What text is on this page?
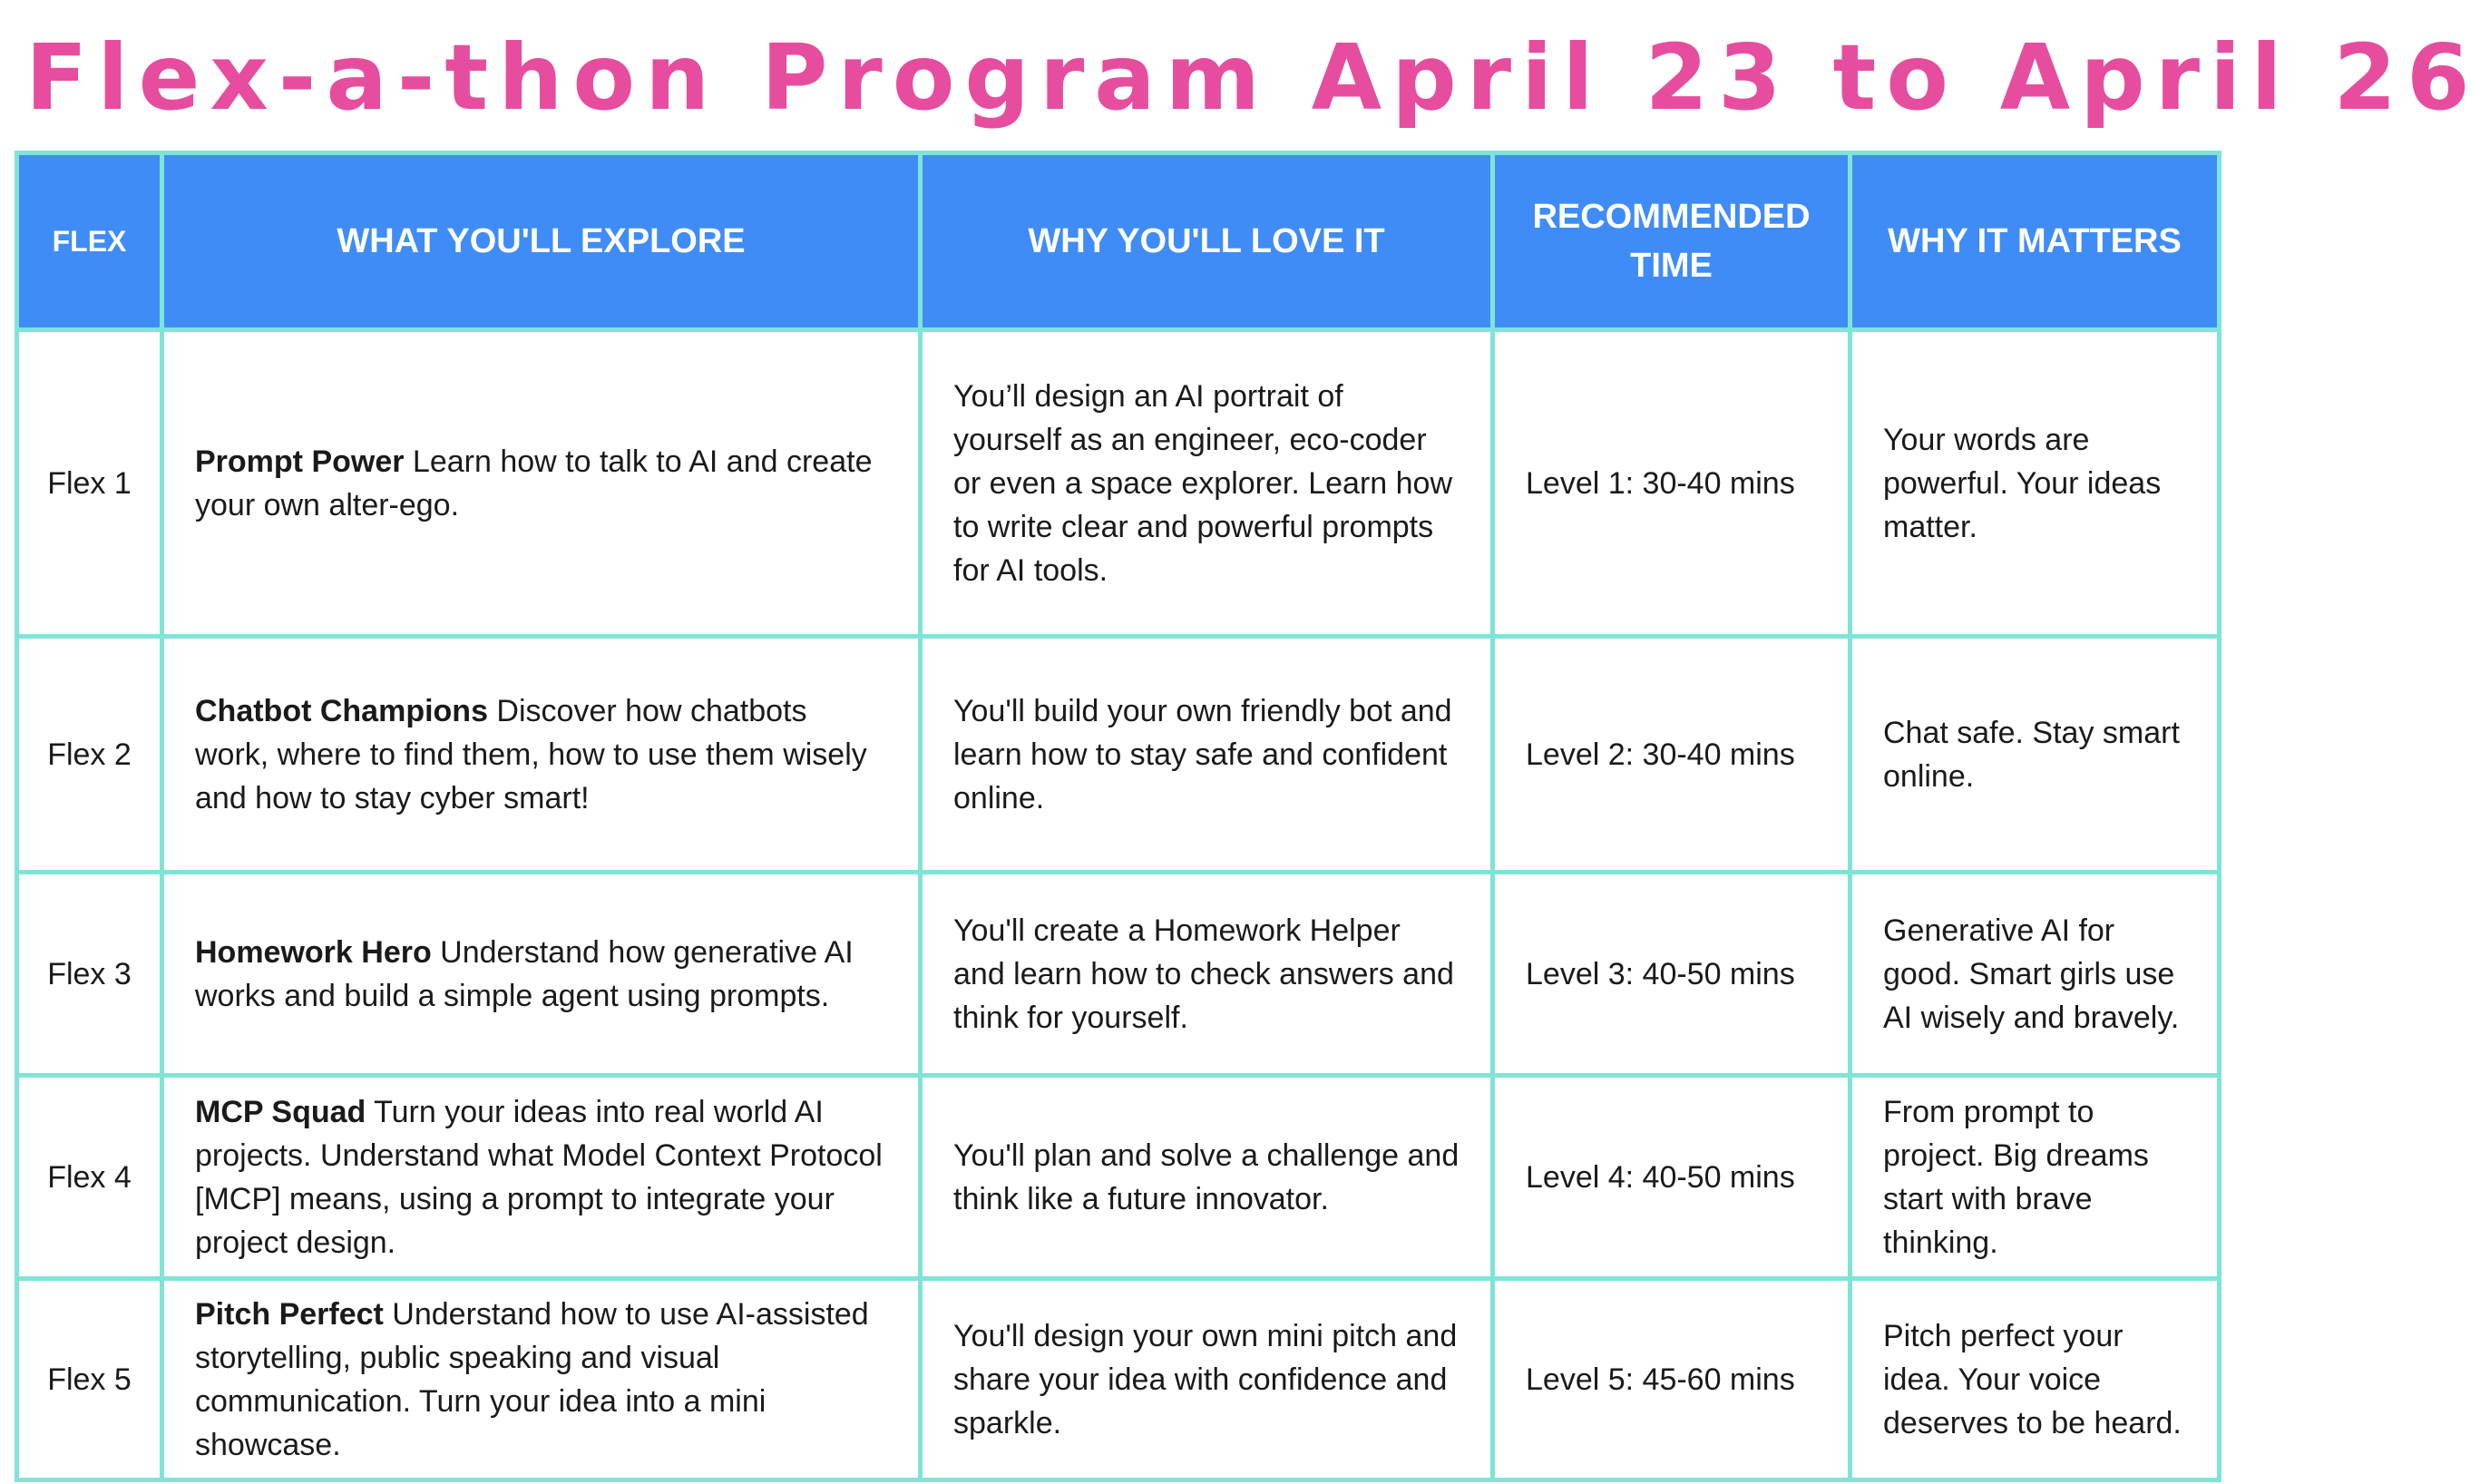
Flex-a-thon Program April 23 to April 26
FLEX	WHAT YOU'LL EXPLORE	WHY YOU'LL LOVE IT	RECOMMENDED TIME	WHY IT MATTERS
Flex 1	Prompt Power Learn how to talk to AI and create your own alter-ego.	You’ll design an AI portrait of yourself as an engineer, eco-coder or even a space explorer. Learn how to write clear and powerful prompts for AI tools.	Level 1: 30-40 mins	Your words are powerful. Your ideas matter.
Flex 2	Chatbot Champions Discover how chatbots work, where to find them, how to use them wisely and how to stay cyber smart!	You'll build your own friendly bot and learn how to stay safe and confident online.	Level 2: 30-40 mins	Chat safe. Stay smart online.
Flex 3	Homework Hero Understand how generative AI works and build a simple agent using prompts.	You'll create a Homework Helper and learn how to check answers and think for yourself.	Level 3: 40-50 mins	Generative AI for good. Smart girls use AI wisely and bravely.
Flex 4	MCP Squad Turn your ideas into real world AI projects. Understand what Model Context Protocol [MCP] means, using a prompt to integrate your project design.	You'll plan and solve a challenge and think like a future innovator.	Level 4: 40-50 mins	From prompt to project. Big dreams start with brave thinking.
Flex 5	Pitch Perfect Understand how to use AI-assisted storytelling, public speaking and visual communication. Turn your idea into a mini showcase.	You'll design your own mini pitch and share your idea with confidence and sparkle.	Level 5: 45-60 mins	Pitch perfect your idea. Your voice deserves to be heard.
